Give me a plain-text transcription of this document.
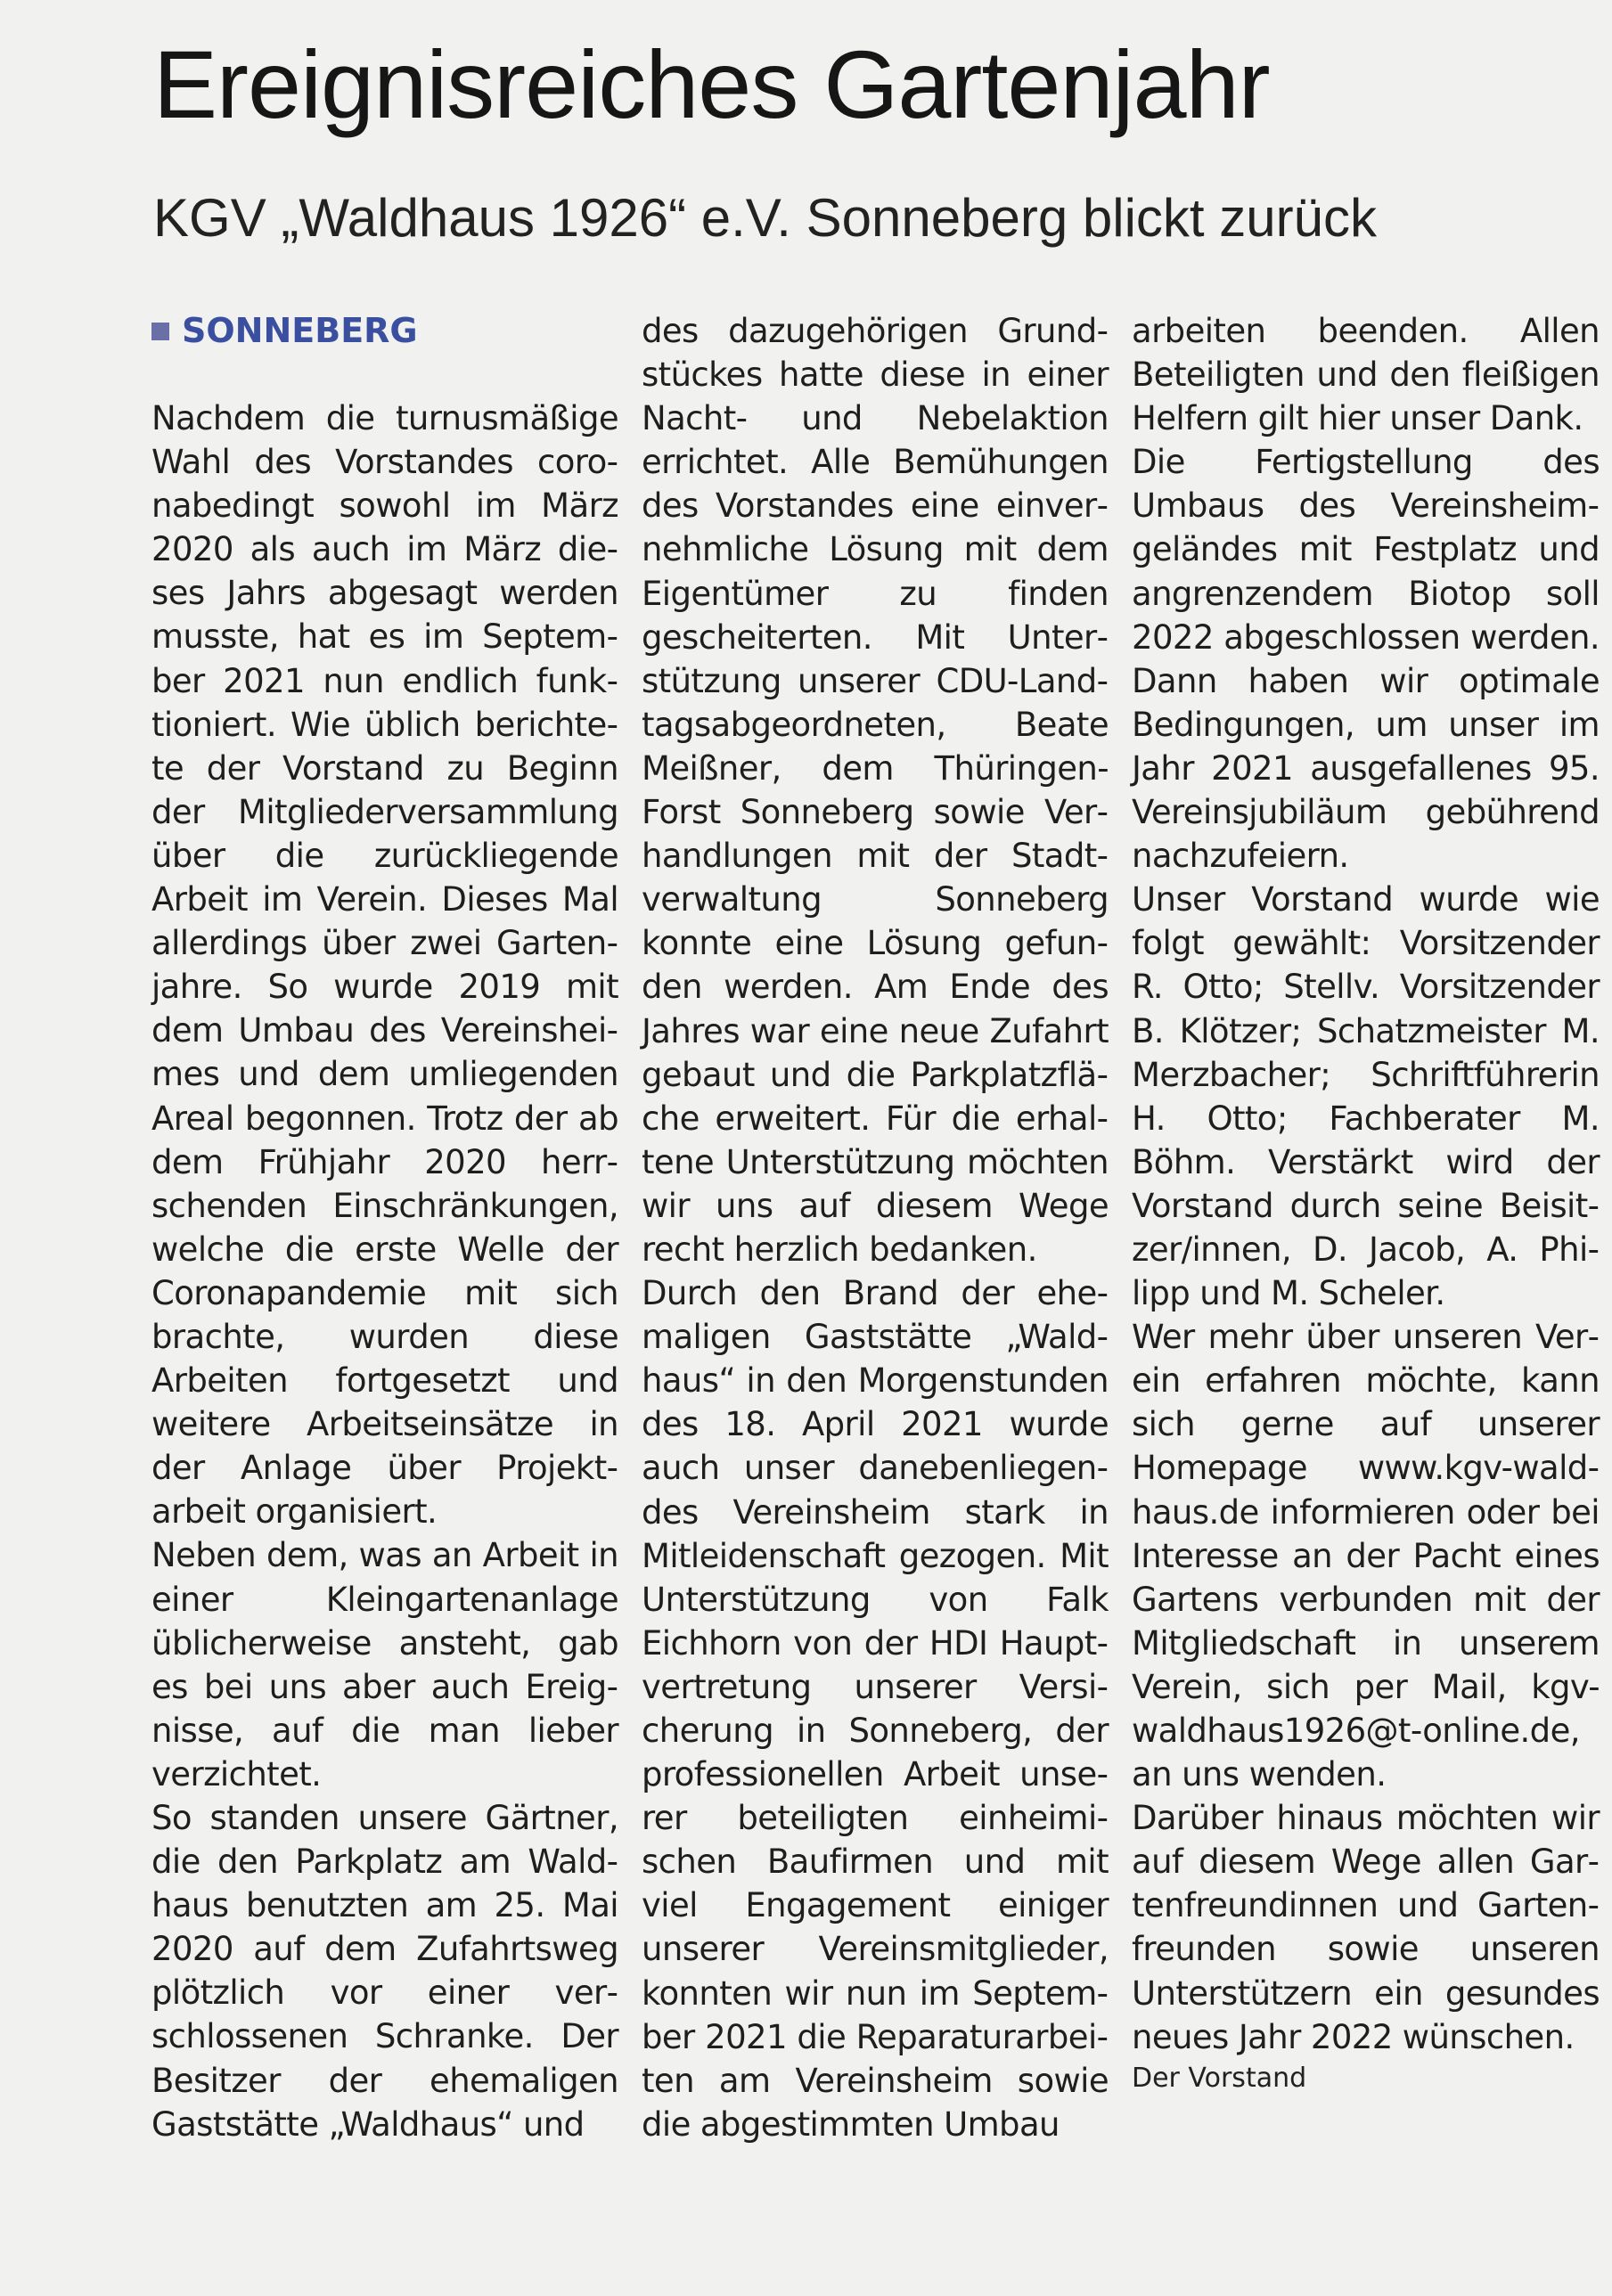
Ereignisreiches Gartenjahr
KGV „Waldhaus 1926“ e.V. Sonneberg blickt zurück
SONNEBERG

Nachdem die turnusmäßige Wahl des Vorstandes coronabedingt sowohl im März 2020 als auch im März dieses Jahrs abgesagt werden musste, hat es im September 2021 nun endlich funktioniert. Wie üblich berichtete der Vorstand zu Beginn der Mitgliederversammlung über die zurückliegende Arbeit im Verein. Dieses Mal allerdings über zwei Gartenjahre. So wurde 2019 mit dem Umbau des Vereinsheimes und dem umliegenden Areal begonnen. Trotz der ab dem Frühjahr 2020 herrschenden Einschränkungen, welche die erste Welle der Coronapandemie mit sich brachte, wurden diese Arbeiten fortgesetzt und weitere Arbeitseinsätze in der Anlage über Projektarbeit organisiert.

Neben dem, was an Arbeit in einer Kleingartenanlage üblicherweise ansteht, gab es bei uns aber auch Ereignisse, auf die man lieber verzichtet.

So standen unsere Gärtner, die den Parkplatz am Waldhaus benutzten am 25. Mai 2020 auf dem Zufahrtsweg plötzlich vor einer verschlossenen Schranke. Der Besitzer der ehemaligen Gaststätte „Waldhaus“ und

des dazugehörigen Grundstückes hatte diese in einer Nacht- und Nebelaktion errichtet. Alle Bemühungen des Vorstandes eine einvernehmliche Lösung mit dem Eigentümer zu finden gescheiterten. Mit Unterstützung unserer CDU-Landtagsabgeordneten, Beate Meißner, dem Thüringen-Forst Sonneberg sowie Verhandlungen mit der Stadtverwaltung Sonneberg konnte eine Lösung gefunden werden. Am Ende des Jahres war eine neue Zufahrt gebaut und die Parkplatzfläche erweitert. Für die erhaltene Unterstützung möchten wir uns auf diesem Wege recht herzlich bedanken.

Durch den Brand der ehemaligen Gaststätte „Waldhaus“ in den Morgenstunden des 18. April 2021 wurde auch unser danebenliegendes Vereinsheim stark in Mitleidenschaft gezogen. Mit Unterstützung von Falk Eichhorn von der HDI Hauptvertretung unserer Versicherung in Sonneberg, der professionellen Arbeit unserer beteiligten einheimischen Baufirmen und mit viel Engagement einiger unserer Vereinsmitglieder, konnten wir nun im September 2021 die Reparaturarbeiten am Vereinsheim sowie die abgestimmten Umbau

arbeiten beenden. Allen Beteiligten und den fleißigen Helfern gilt hier unser Dank.

Die Fertigstellung des Umbaus des Vereinsheimgeländes mit Festplatz und angrenzendem Biotop soll 2022 abgeschlossen werden. Dann haben wir optimale Bedingungen, um unser im Jahr 2021 ausgefallenes 95. Vereinsjubiläum gebührend nachzufeiern.

Unser Vorstand wurde wie folgt gewählt: Vorsitzender R. Otto; Stellv. Vorsitzender B. Klötzer; Schatzmeister M. Merzbacher; Schriftführerin H. Otto; Fachberater M. Böhm. Verstärkt wird der Vorstand durch seine Beisitzer/innen, D. Jacob, A. Philipp und M. Scheler.

Wer mehr über unseren Verein erfahren möchte, kann sich gerne auf unserer Homepage www.kgv-waldhaus.de informieren oder bei Interesse an der Pacht eines Gartens verbunden mit der Mitgliedschaft in unserem Verein, sich per Mail, kgv-waldhaus1926@t-online.de, an uns wenden.

Darüber hinaus möchten wir auf diesem Wege allen Gartenfreundinnen und Gartenfreunden sowie unseren Unterstützern ein gesundes neues Jahr 2022 wünschen.

Der Vorstand
